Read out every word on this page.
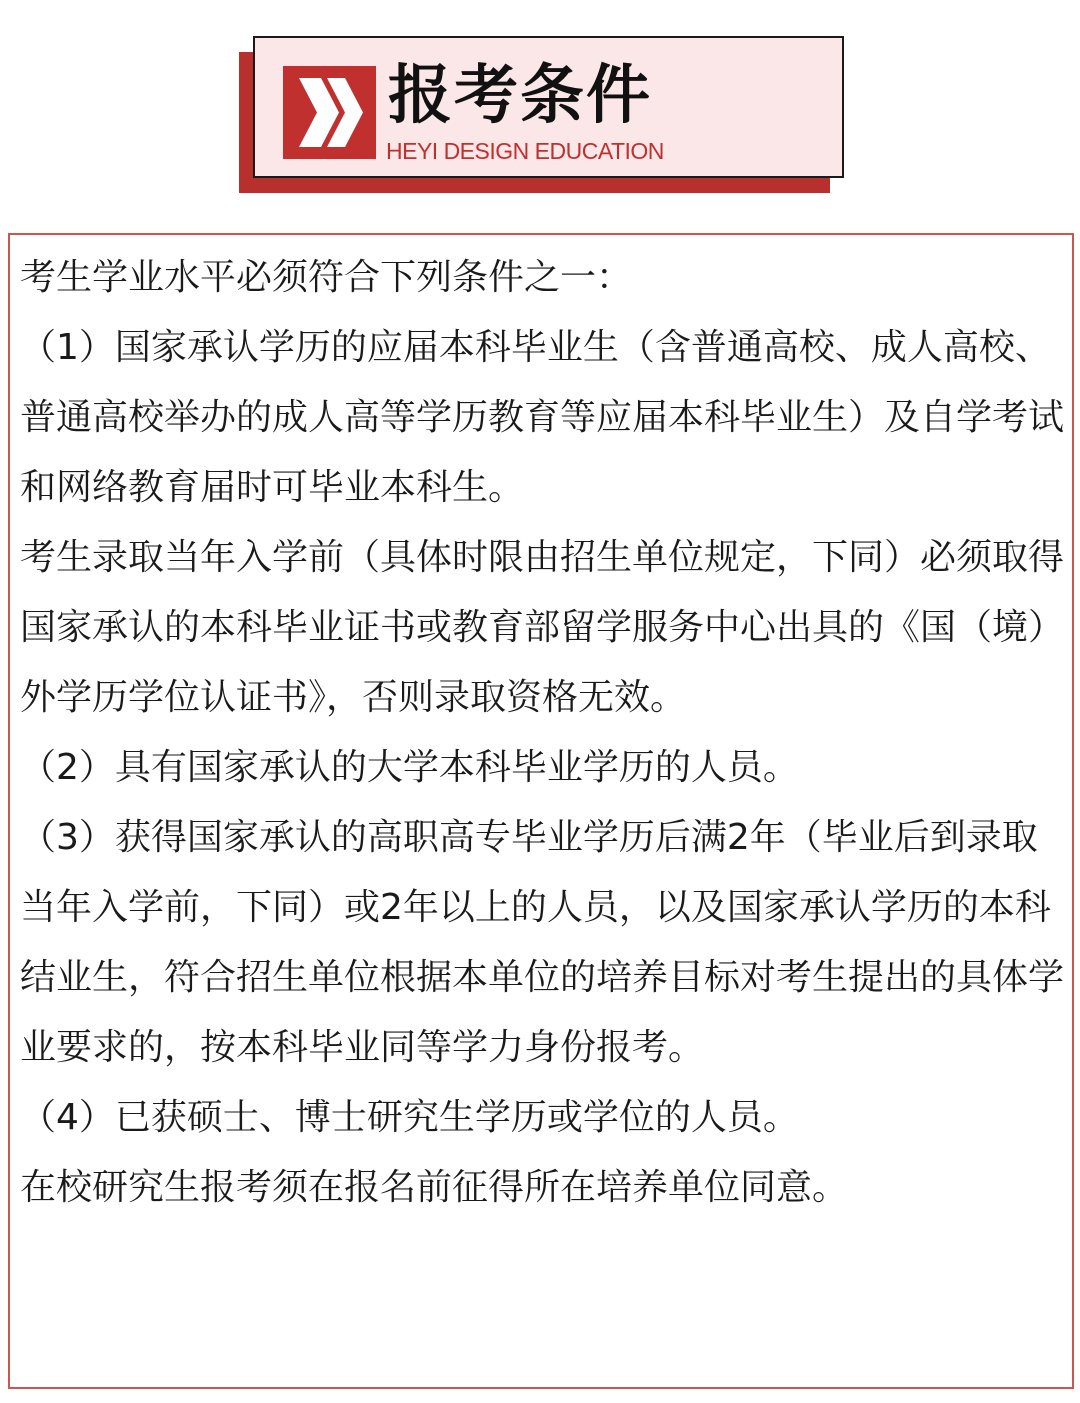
报考条件
HEYI DESIGN EDUCATION

考生学业水平必须符合下列条件之一：

（1）国家承认学历的应届本科毕业生（含普通高校、成人高校、普通高校举办的成人高等学历教育等应届本科毕业生）及自学考试和网络教育届时可毕业本科生。

考生录取当年入学前（具体时限由招生单位规定，下同）必须取得国家承认的本科毕业证书或教育部留学服务中心出具的《国（境）外学历学位认证书》，否则录取资格无效。

（2）具有国家承认的大学本科毕业学历的人员。

（3）获得国家承认的高职高专毕业学历后满2年（毕业后到录取当年入学前，下同）或2年以上的人员，以及国家承认学历的本科结业生，符合招生单位根据本单位的培养目标对考生提出的具体学业要求的，按本科毕业同等学力身份报考。

（4）已获硕士、博士研究生学历或学位的人员。

在校研究生报考须在报名前征得所在培养单位同意。
